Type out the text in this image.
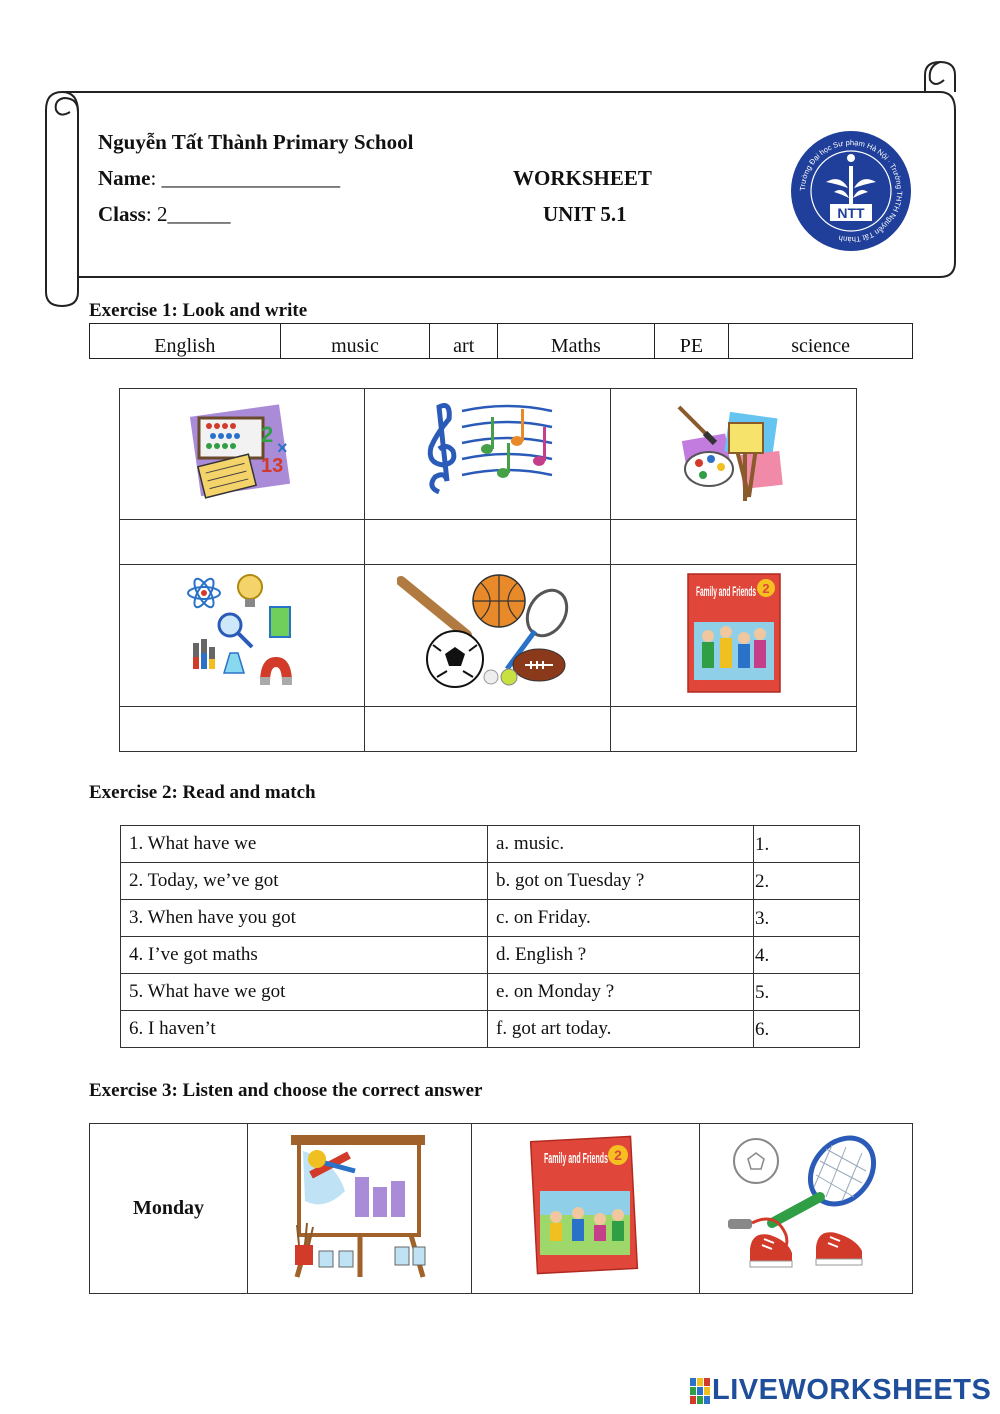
Nguyễn Tất Thành Primary School
Name: _________________
Class: 2______
WORKSHEET
UNIT 5.1
Trường Đại học Sư phạm Hà Nội · Trường THTH Nguyễn Tất Thành
NTT
Exercise 1: Look and write
English	music	art	Maths	PE	science
2
×
13

Family and Friends 2

Exercise 2: Read and match
1. What have we	a. music.	1.
2. Today, we’ve got	b. got on Tuesday ?	2.
3. When have you got	c. on Friday.	3.
4. I’ve got maths	d. English ?	4.
5. What have we got	e. on Monday ?	5.
6. I haven’t	f. got art today.	6.
Exercise 3: Listen and choose the correct answer
Monday		
Family and Friends 2

LIVEWORKSHEETS
